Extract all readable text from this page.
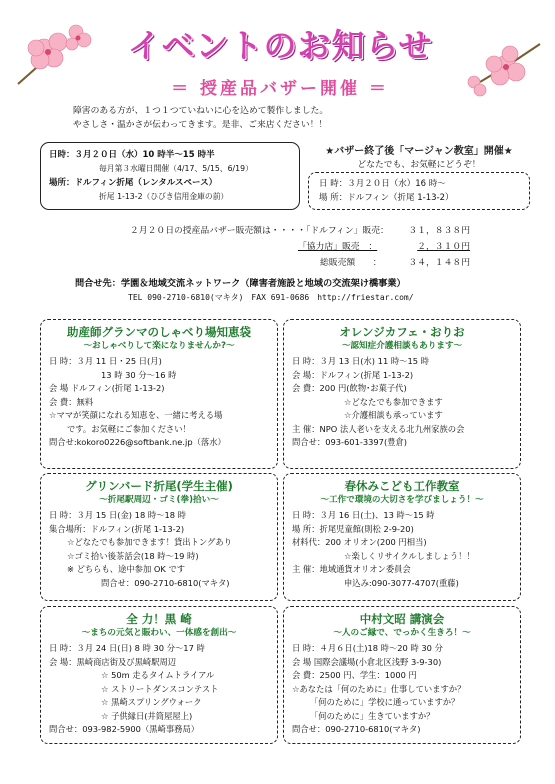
イベントのお知らせ
＝ 授産品バザー開催 ＝
障害のある方が、１つ１つていねいに心を込めて製作しました。
やさしさ・温かさが伝わってきます。是非、ご来店ください！！
日時：３月２０日（水）10 時半～15 時半
毎月第３水曜日開催（4/17、5/15、6/19）
場所：ドルフィン折尾（レンタルスペース）
折尾 1-13-2（ひびき信用金庫の前）
★バザー終了後「マージャン教室」開催★
どなたでも、お気軽にどうぞ！
日 時：３月２０日（水）16 時～
場 所：ドルフィン（折尾 1-13-2）
２月２０日の授産品バザー販売額は・・・・「ドルフィン」販売： ３１，８３８円
「協力店」販売　：	２，３１０円
総販売額　　：	３４，１４８円
問合せ先：学園＆地域交流ネットワーク（障害者施設と地域の交流架け橋事業）
TEL 090-2710-6810(マキタ)　FAX 691-0686　http://friestar.com/
助産師グランマのしゃべり場知恵袋
～おしゃべりして楽になりませんか?～
日 時：３月 11 日・25 日(月)
13 時 30 分～16 時
会 場 ドルフィン(折尾 1-13-2)
会 費：無料
☆ママが笑顔になれる知恵を、一緒に考える場
です。お気軽にご参加ください！
問合せ:kokoro0226@softbank.ne.jp（落水）
オレンジカフェ・おりお
～認知症介護相談もあります～
日 時：３月 13 日(水) 11 時～15 時
会 場：ドルフィン(折尾 1-13-2)
会 費：200 円(飲物･お菓子代)
☆どなたでも参加できます
☆介護相談も承っています
主 催：NPO 法人老いを支える北九州家族の会
問合せ：093-601-3397(豊倉)
グリンバード折尾(学生主催)
～折尾駅周辺・ゴミ(拳)拾い～
日 時：３月 15 日(金) 18 時～18 時
集合場所：ドルフィン(折尾 1-13-2)
☆どなたでも参加できます！貸出トングあり
☆ゴミ拾い後茶話会(18 時～19 時)
※ どちらも、途中参加 OK です
問合せ：090-2710-6810(マキタ)
春休みこども工作教室
～工作で環境の大切さを学びましょう！～
日 時：３月 16 日(土)、13 時～15 時
場 所：折尾児童館(則松 2-9-20)
材料代：200 オリオン(200 円相当)
☆楽しくリサイクルしましょう！！
主 催：地域通貨オリオン委員会
申込み:090-3077-4707(重藤)
全 力！黒 崎
～まちの元気と賑わい、一体感を創出～
日 時：３月 24 日(日) 8 時 30 分～17 時
会 場：黒崎商店街及び黒崎駅周辺
☆ 50m 走るタイムトライアル
☆ ストリートダンスコンテスト
☆ 黒崎スプリングウォーク
☆ 子供縁日(井筒屋屋上)
問合せ：093-982-5900（黒崎事務局）
中村文昭 講演会
～人のご縁で、でっかく生きろ！～
日 時：４月６日(土)18 時～20 時 30 分
会 場 国際会議場(小倉北区浅野 3-9-30)
会 費：2500 円、学生：1000 円
☆あなたは「何のために」仕事していますか？
「何のために」学校に通っていますか？
「何のために」生きていますか？
問合せ：090-2710-6810(マキタ)
